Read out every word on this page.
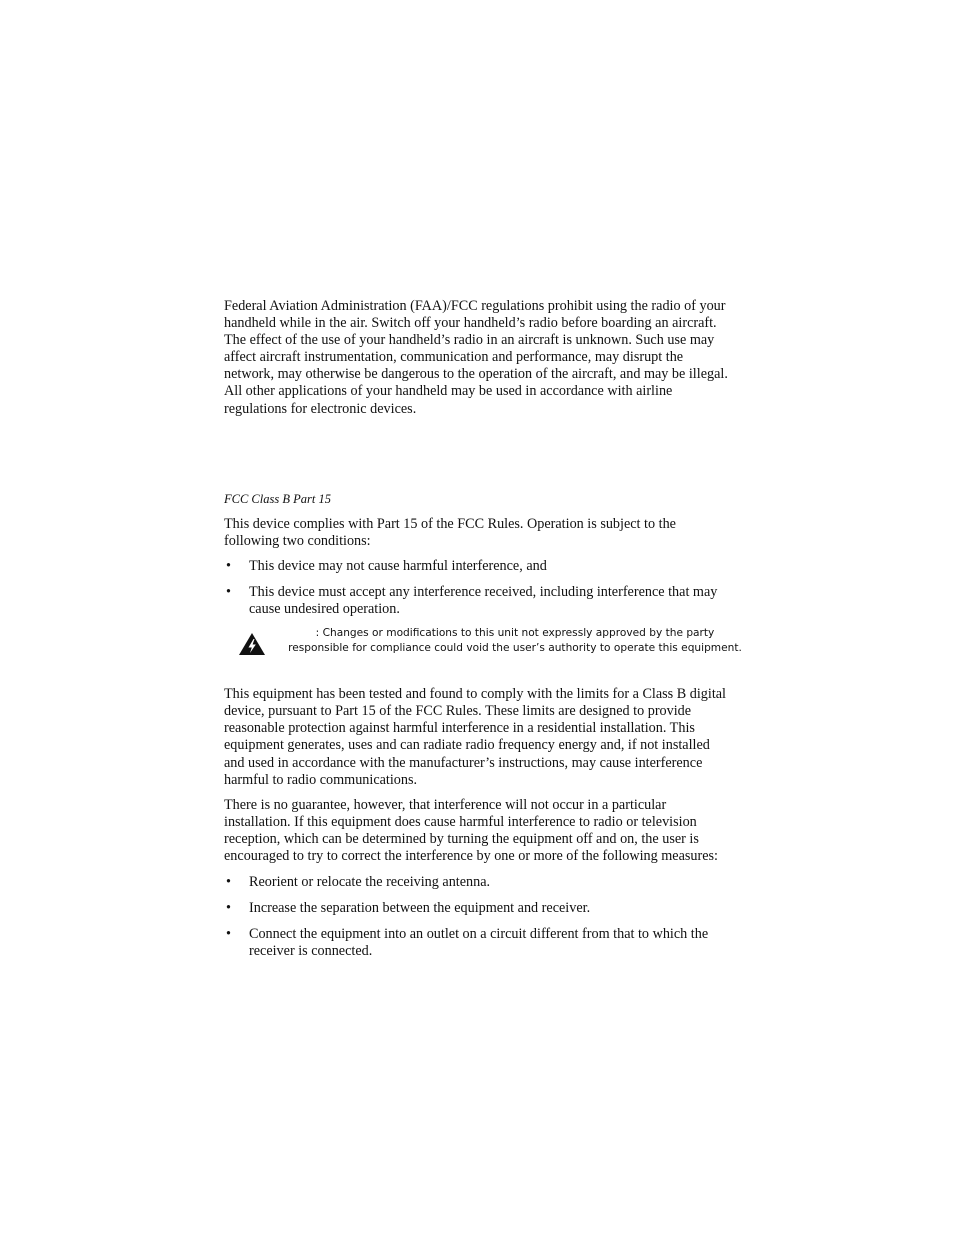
Federal Aviation Administration (FAA)/FCC regulations prohibit using the radio of your handheld while in the air. Switch off your handheld’s radio before boarding an aircraft. The effect of the use of your handheld’s radio in an aircraft is unknown. Such use may affect aircraft instrumentation, communication and performance, may disrupt the network, may otherwise be dangerous to the operation of the aircraft, and may be illegal. All other applications of your handheld may be used in accordance with airline regulations for electronic devices.

FCC Class B Part 15

This device complies with Part 15 of the FCC Rules. Operation is subject to the following two conditions:

• This device may not cause harmful interference, and
• This device must accept any interference received, including interference that may cause undesired operation.
: Changes or modifications to this unit not expressly approved by the party responsible for compliance could void the user’s authority to operate this equipment.

This equipment has been tested and found to comply with the limits for a Class B digital device, pursuant to Part 15 of the FCC Rules. These limits are designed to provide reasonable protection against harmful interference in a residential installation. This equipment generates, uses and can radiate radio frequency energy and, if not installed and used in accordance with the manufacturer’s instructions, may cause interference harmful to radio communications.

There is no guarantee, however, that interference will not occur in a particular installation. If this equipment does cause harmful interference to radio or television reception, which can be determined by turning the equipment off and on, the user is encouraged to try to correct the interference by one or more of the following measures:

• Reorient or relocate the receiving antenna.
• Increase the separation between the equipment and receiver.
• Connect the equipment into an outlet on a circuit different from that to which the receiver is connected.
